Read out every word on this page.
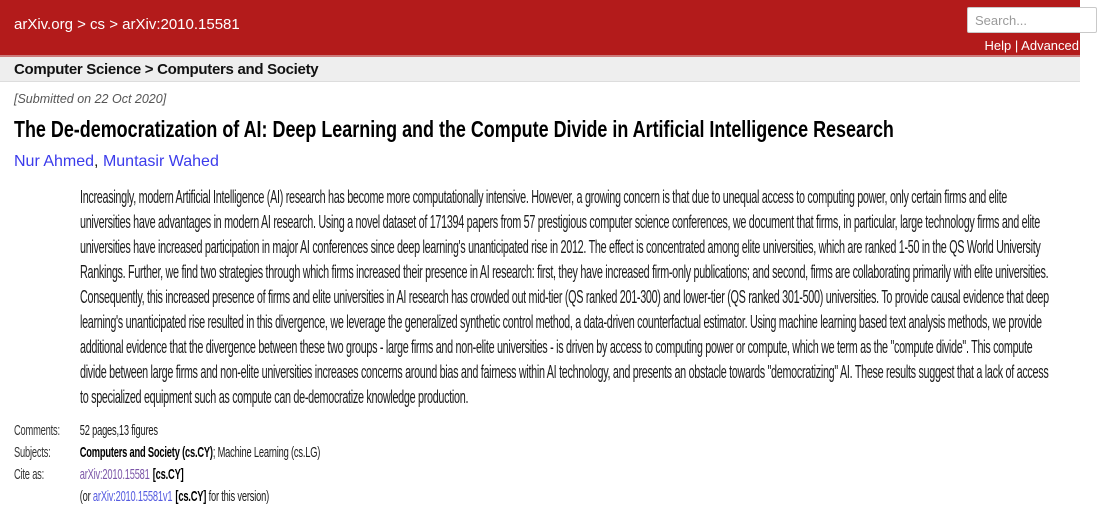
arXiv.org > cs > arXiv:2010.15581
Search...
Help | Advanced
Computer Science > Computers and Society
[Submitted on 22 Oct 2020]
The De-democratization of AI: Deep Learning and the Compute Divide in Artificial Intelligence Research
Nur Ahmed, Muntasir Wahed

Increasingly, modern Artificial Intelligence (AI) research has become more computationally intensive. However, a growing concern is that due to unequal access to computing power, only certain firms and elite universities have advantages in modern AI research. Using a novel dataset of 171394 papers from 57 prestigious computer science conferences, we document that firms, in particular, large technology firms and elite universities have increased participation in major AI conferences since deep learning's unanticipated rise in 2012. The effect is concentrated among elite universities, which are ranked 1-50 in the QS World University Rankings. Further, we find two strategies through which firms increased their presence in AI research: first, they have increased firm-only publications; and second, firms are collaborating primarily with elite universities. Consequently, this increased presence of firms and elite universities in AI research has crowded out mid-tier (QS ranked 201-300) and lower-tier (QS ranked 301-500) universities. To provide causal evidence that deep learning's unanticipated rise resulted in this divergence, we leverage the generalized synthetic control method, a data-driven counterfactual estimator. Using machine learning based text analysis methods, we provide additional evidence that the divergence between these two groups - large firms and non-elite universities - is driven by access to computing power or compute, which we term as the "compute divide". This compute divide between large firms and non-elite universities increases concerns around bias and fairness within AI technology, and presents an obstacle towards "democratizing" AI. These results suggest that a lack of access to specialized equipment such as compute can de-democratize knowledge production.

Comments:	52 pages,13 figures
Subjects:	Computers and Society (cs.CY); Machine Learning (cs.LG)
Cite as:	arXiv:2010.15581 [cs.CY]
(or arXiv:2010.15581v1 [cs.CY] for this version)
